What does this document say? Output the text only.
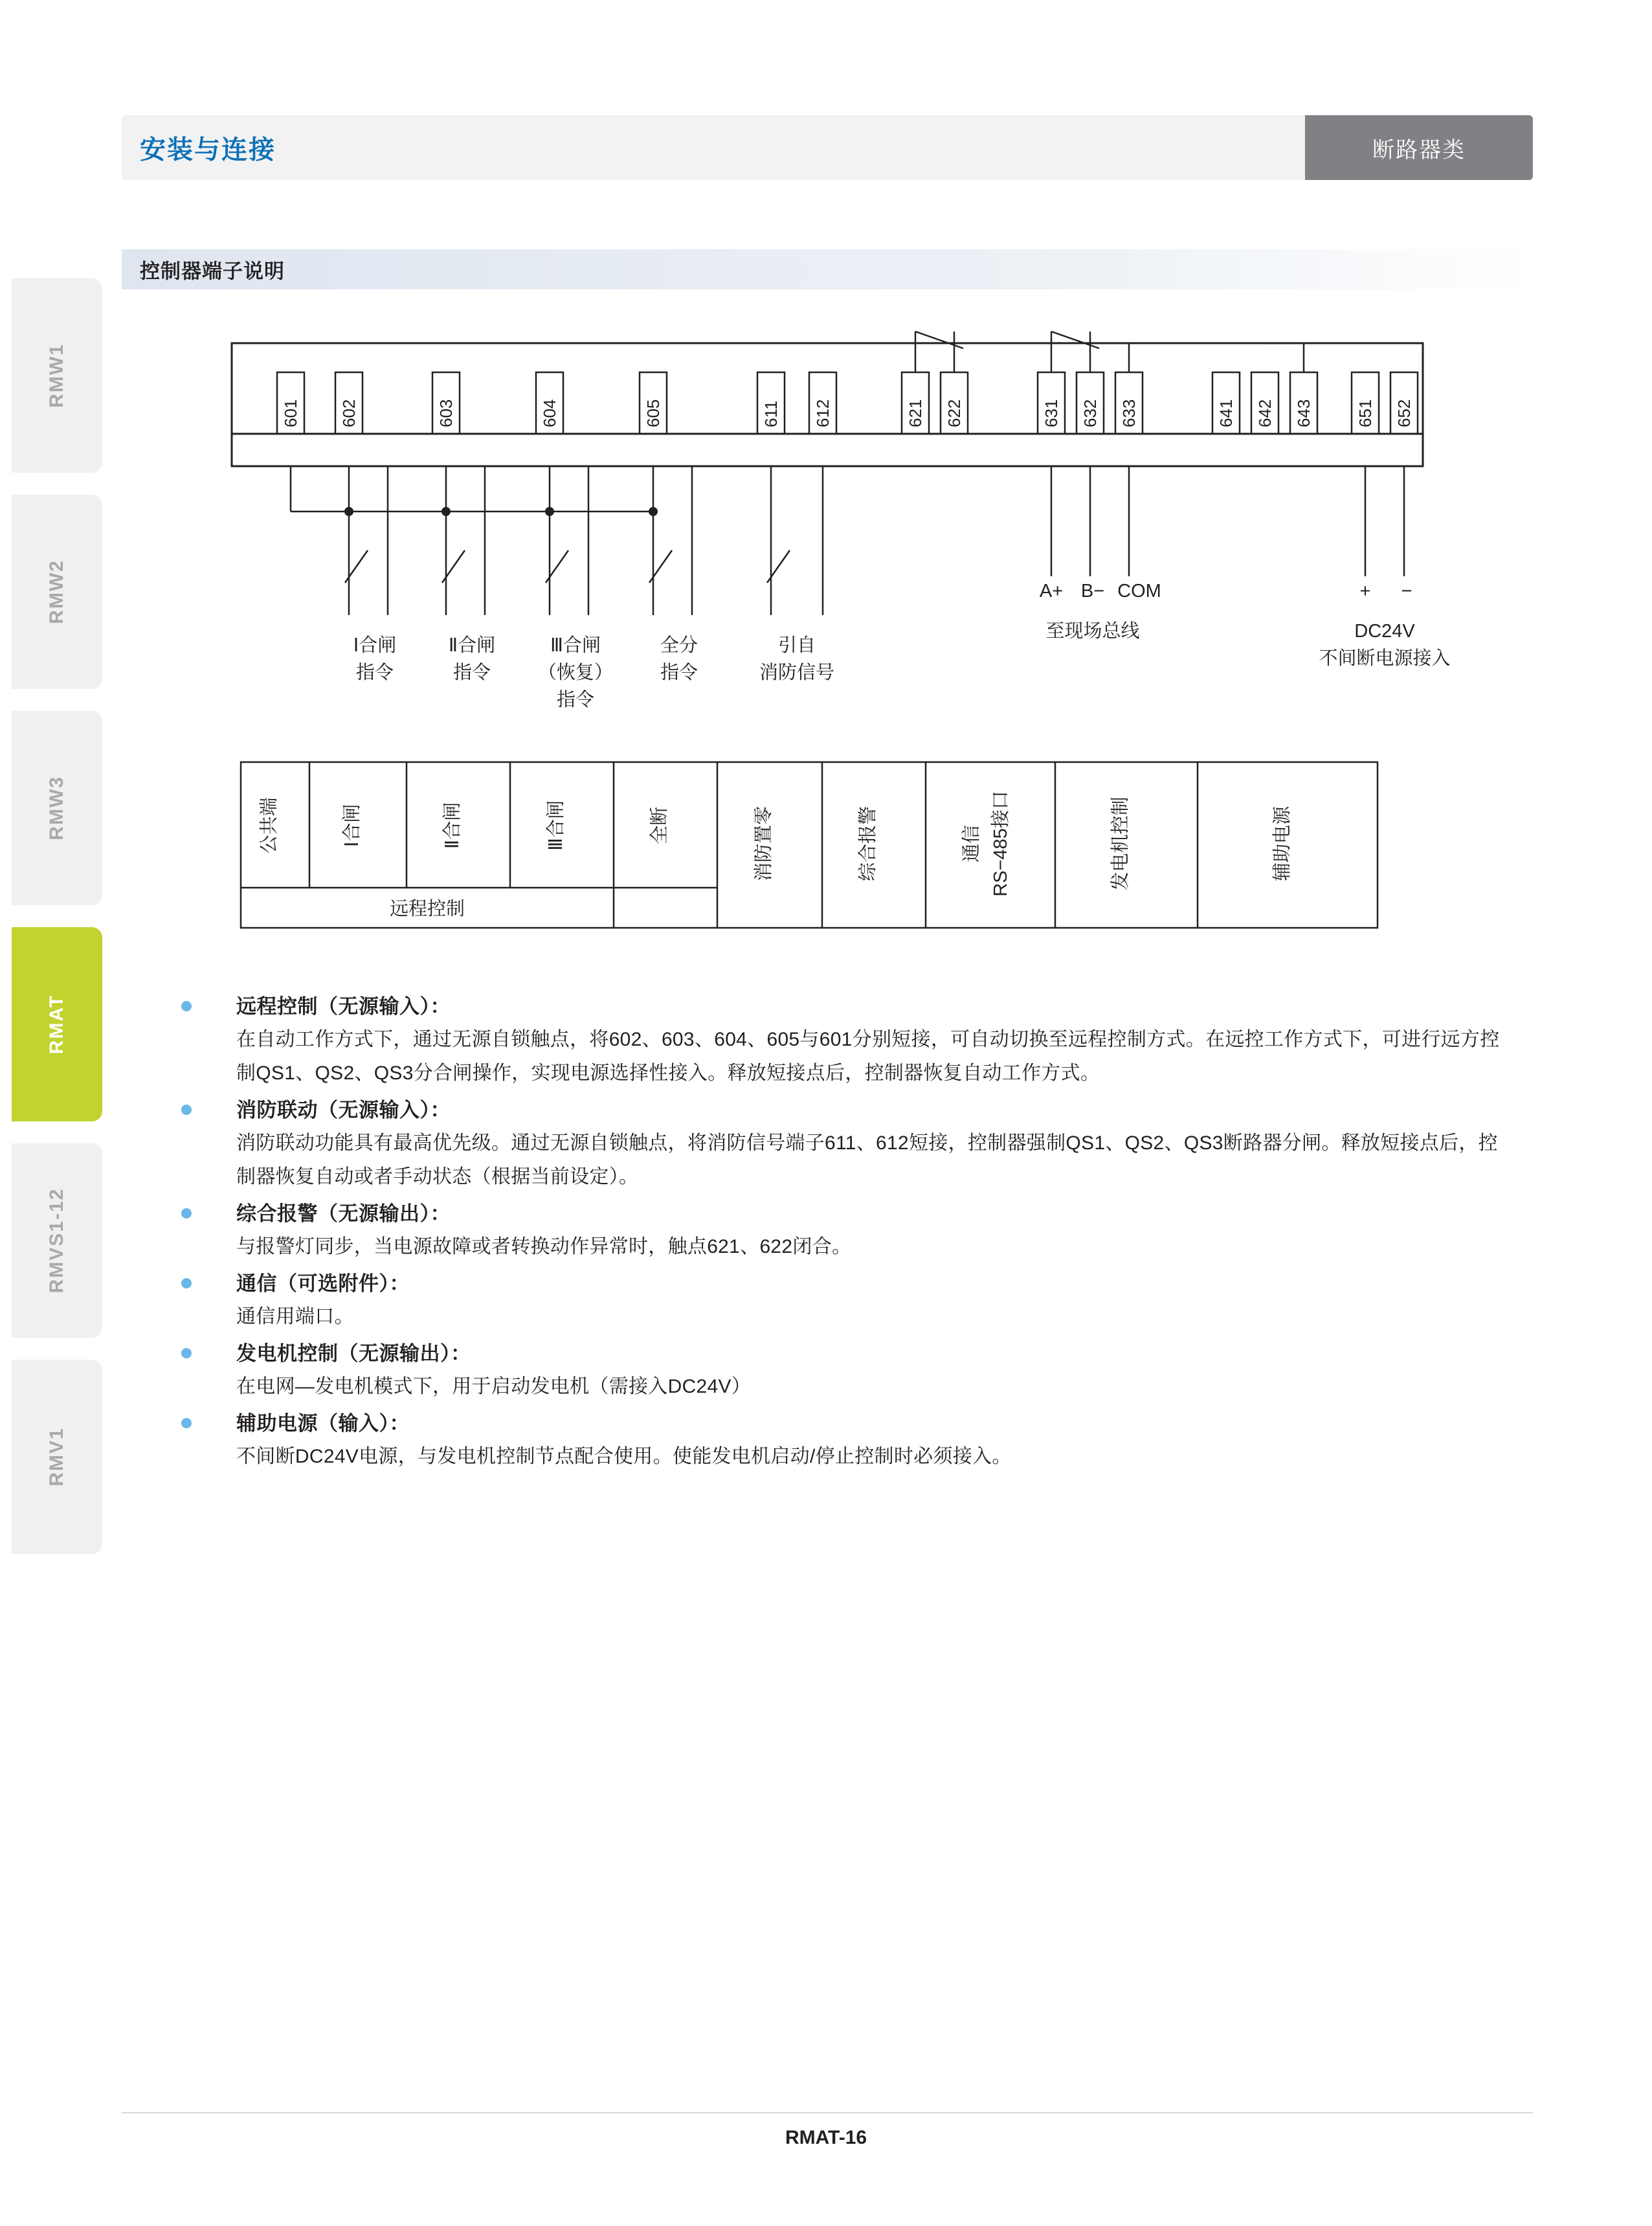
安装与连接	断路器类
控制器端子说明
RMW1
RMW2
RMW3
RMAT
RMVS1-12
RMV1
601 602	603	604	605	611 612	621 622	631 632 633	641 642 643	651 652
Ⅰ合闸
指令
Ⅱ合闸
指令
Ⅲ合闸
（恢复）
指令
全分
指令
引自
消防信号
A+ B− COM
至现场总线
+ −
DC24V
不间断电源接入
公共端	Ⅰ合闸	Ⅱ合闸	Ⅲ合闸	全断	消防置零	综合报警	通信 RS−485接口	发电机控制	辅助电源
远程控制
远程控制（无源输入）：
在自动工作方式下，通过无源自锁触点，将602、603、604、605与601分别短接，可自动切换至远程控制方式。在远控工作方式下，可进行远方控制QS1、QS2、QS3分合闸操作，实现电源选择性接入。释放短接点后，控制器恢复自动工作方式。
消防联动（无源输入）：
消防联动功能具有最高优先级。通过无源自锁触点，将消防信号端子611、612短接，控制器强制QS1、QS2、QS3断路器分闸。释放短接点后，控制器恢复自动或者手动状态（根据当前设定）。
综合报警（无源输出）：
与报警灯同步，当电源故障或者转换动作异常时，触点621、622闭合。
通信（可选附件）：
通信用端口。
发电机控制（无源输出）：
在电网—发电机模式下，用于启动发电机（需接入DC24V）
辅助电源（输入）：
不间断DC24V电源，与发电机控制节点配合使用。使能发电机启动/停止控制时必须接入。
RMAT-16
